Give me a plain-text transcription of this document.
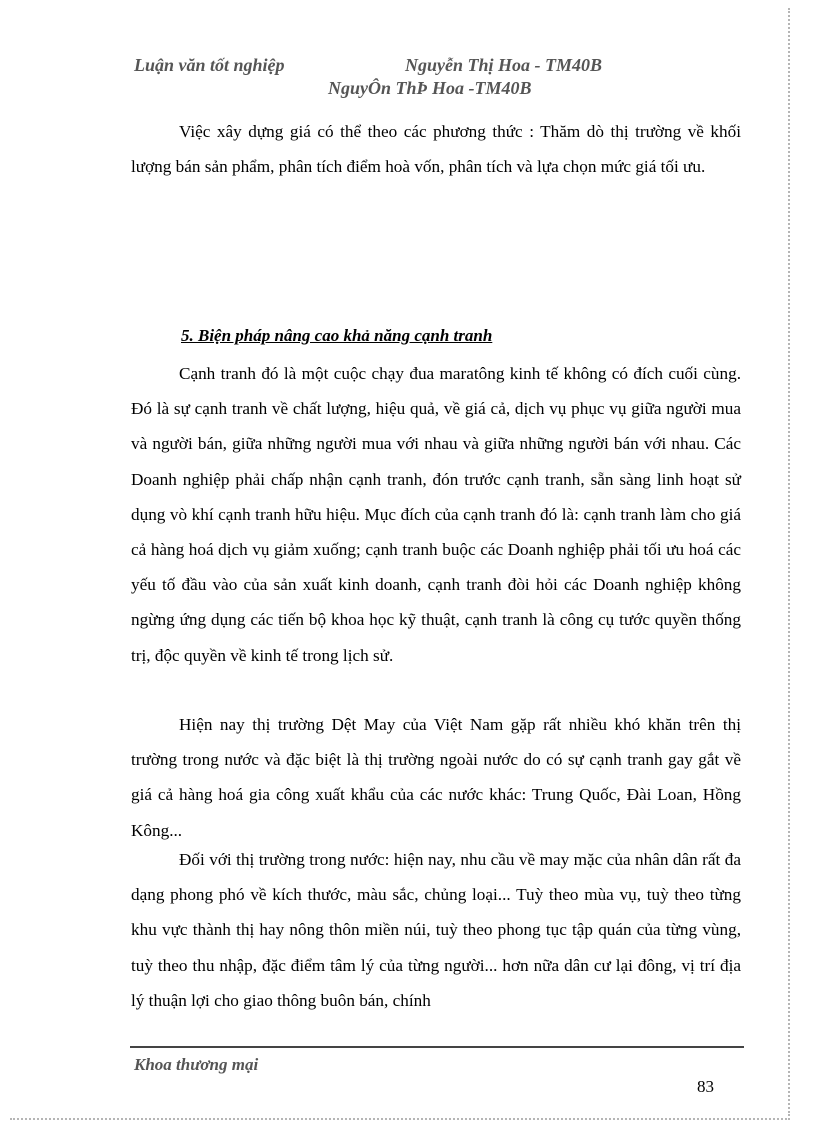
Luận văn tốt nghiệp	Nguyễn Thị Hoa - TM40B
NguyÔn ThÞ Hoa -TM40B

Việc xây dựng giá có thể theo các phương thức : Thăm dò thị trường về khối lượng bán sản phẩm, phân tích điểm hoà vốn, phân tích và lựa chọn mức giá tối ưu.

5. Biện pháp nâng cao khả năng cạnh tranh

Cạnh tranh đó là một cuộc chạy đua maratông kinh tế không có đích cuối cùng. Đó là sự cạnh tranh về chất lượng, hiệu quả, về giá cả, dịch vụ phục vụ giữa người mua và người bán, giữa những người mua với nhau và giữa những người bán với nhau. Các Doanh nghiệp phải chấp nhận cạnh tranh, đón trước cạnh tranh, sẵn sàng linh hoạt sử dụng vò khí cạnh tranh hữu hiệu. Mục đích của cạnh tranh đó là: cạnh tranh làm cho giá cả hàng hoá dịch vụ giảm xuống; cạnh tranh buộc các Doanh nghiệp phải tối ưu hoá các yếu tố đầu vào của sản xuất kinh doanh, cạnh tranh đòi hỏi các Doanh nghiệp không ngừng ứng dụng các tiến bộ khoa học kỹ thuật, cạnh tranh là công cụ tước quyền thống trị, độc quyền về kinh tế trong lịch sử.

Hiện nay thị trường Dệt May của Việt Nam gặp rất nhiều khó khăn trên thị trường trong nước và đặc biệt là thị trường ngoài nước do có sự cạnh tranh gay gắt về giá cả hàng hoá gia công xuất khẩu của các nước khác: Trung Quốc, Đài Loan, Hồng Kông...

Đối với thị trường trong nước: hiện nay, nhu cầu về may mặc của nhân dân rất đa dạng phong phó về kích thước, màu sắc, chủng loại... Tuỳ theo mùa vụ, tuỳ theo từng khu vực thành thị hay nông thôn miền núi, tuỳ theo phong tục tập quán của từng vùng, tuỳ theo thu nhập, đặc điểm tâm lý của từng người... hơn nữa dân cư lại đông, vị trí địa lý thuận lợi cho giao thông buôn bán, chính

Khoa thương mại
83
